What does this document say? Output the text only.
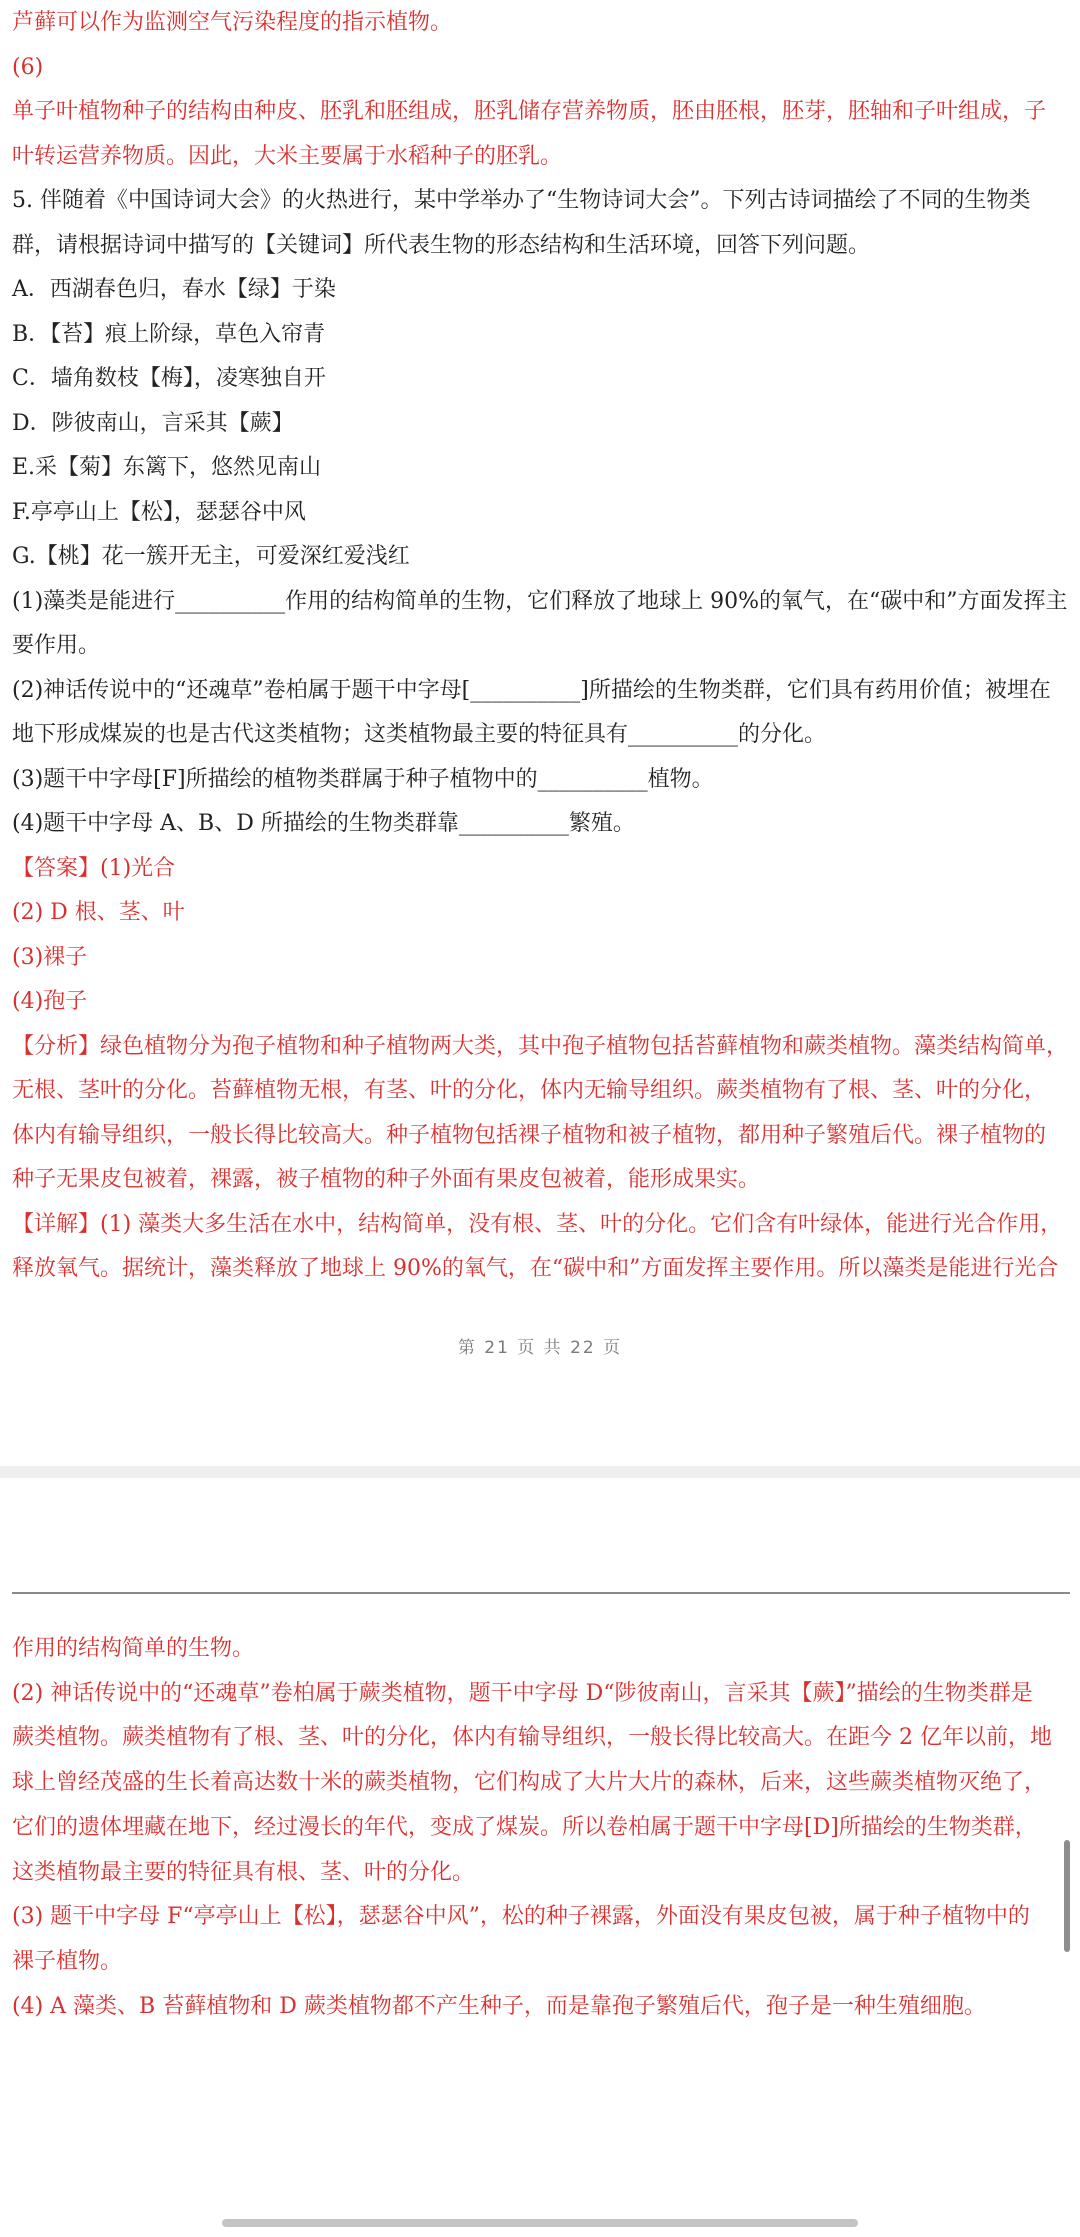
芦藓可以作为监测空气污染程度的指示植物。
(6)
单子叶植物种子的结构由种皮、胚乳和胚组成，胚乳储存营养物质，胚由胚根，胚芽，胚轴和子叶组成，子
叶转运营养物质。因此，大米主要属于水稻种子的胚乳。
5. 伴随着《中国诗词大会》的火热进行，某中学举办了“生物诗词大会”。下列古诗词描绘了不同的生物类
群，请根据诗词中描写的【关键词】所代表生物的形态结构和生活环境，回答下列问题。
A．西湖春色归，春水【绿】于染
B．【苔】痕上阶绿，草色入帘青
C．墙角数枝【梅】，凌寒独自开
D．陟彼南山，言采其【蕨】
E.采【菊】东篱下，悠然见南山
F.亭亭山上【松】，瑟瑟谷中风
G.【桃】花一簇开无主，可爱深红爱浅红
(1)藻类是能进行__________作用的结构简单的生物，它们释放了地球上 90%的氧气，在“碳中和”方面发挥主
要作用。
(2)神话传说中的“还魂草”卷柏属于题干中字母[__________]所描绘的生物类群，它们具有药用价值；被埋在
地下形成煤炭的也是古代这类植物；这类植物最主要的特征具有__________的分化。
(3)题干中字母[F]所描绘的植物类群属于种子植物中的__________植物。
(4)题干中字母 A、B、D 所描绘的生物类群靠__________繁殖。
【答案】(1)光合
(2) D 根、茎、叶
(3)裸子
(4)孢子
【分析】绿色植物分为孢子植物和种子植物两大类，其中孢子植物包括苔藓植物和蕨类植物。藻类结构简单，
无根、茎叶的分化。苔藓植物无根，有茎、叶的分化，体内无输导组织。蕨类植物有了根、茎、叶的分化，
体内有输导组织，一般长得比较高大。种子植物包括裸子植物和被子植物，都用种子繁殖后代。裸子植物的
种子无果皮包被着，裸露，被子植物的种子外面有果皮包被着，能形成果实。
【详解】(1) 藻类大多生活在水中，结构简单，没有根、茎、叶的分化。它们含有叶绿体，能进行光合作用，
释放氧气。据统计，藻类释放了地球上 90%的氧气，在“碳中和”方面发挥主要作用。所以藻类是能进行光合
第 21 页 共 22 页
作用的结构简单的生物。
(2) 神话传说中的“还魂草”卷柏属于蕨类植物，题干中字母 D“陟彼南山，言采其【蕨】”描绘的生物类群是
蕨类植物。蕨类植物有了根、茎、叶的分化，体内有输导组织，一般长得比较高大。在距今 2 亿年以前，地
球上曾经茂盛的生长着高达数十米的蕨类植物，它们构成了大片大片的森林，后来，这些蕨类植物灭绝了，
它们的遗体埋藏在地下，经过漫长的年代，变成了煤炭。所以卷柏属于题干中字母[D]所描绘的生物类群，
这类植物最主要的特征具有根、茎、叶的分化。
(3) 题干中字母 F“亭亭山上【松】，瑟瑟谷中风”，松的种子裸露，外面没有果皮包被，属于种子植物中的
裸子植物。
(4) A 藻类、B 苔藓植物和 D 蕨类植物都不产生种子，而是靠孢子繁殖后代，孢子是一种生殖细胞。
